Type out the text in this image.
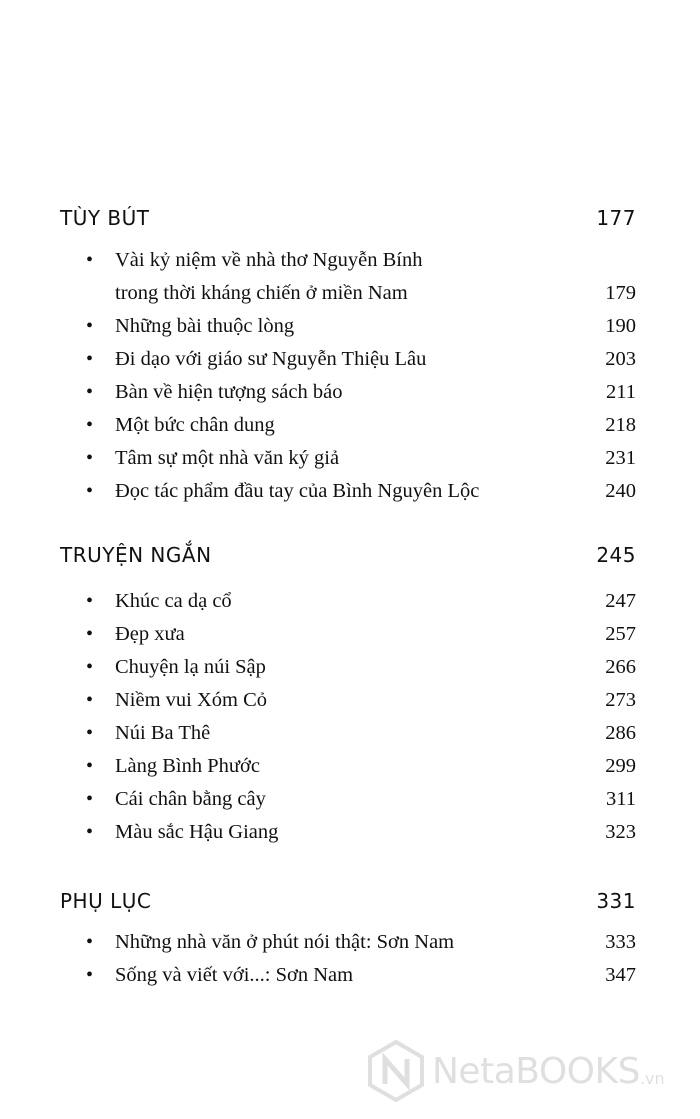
TÙY BÚT	177
•	Vài kỷ niệm về nhà thơ Nguyễn Bính
trong thời kháng chiến ở miền Nam	179
•	Những bài thuộc lòng	190
•	Đi dạo với giáo sư Nguyễn Thiệu Lâu	203
•	Bàn về hiện tượng sách báo	211
•	Một bức chân dung	218
•	Tâm sự một nhà văn ký giả	231
•	Đọc tác phẩm đầu tay của Bình Nguyên Lộc	240
TRUYỆN NGẮN	245
•	Khúc ca dạ cổ	247
•	Đẹp xưa	257
•	Chuyện lạ núi Sập	266
•	Niềm vui Xóm Cỏ	273
•	Núi Ba Thê	286
•	Làng Bình Phước	299
•	Cái chân bằng cây	311
•	Màu sắc Hậu Giang	323
PHỤ LỤC	331
•	Những nhà văn ở phút nói thật: Sơn Nam	333
•	Sống và viết với...: Sơn Nam	347
NetaBOOKS .vn
